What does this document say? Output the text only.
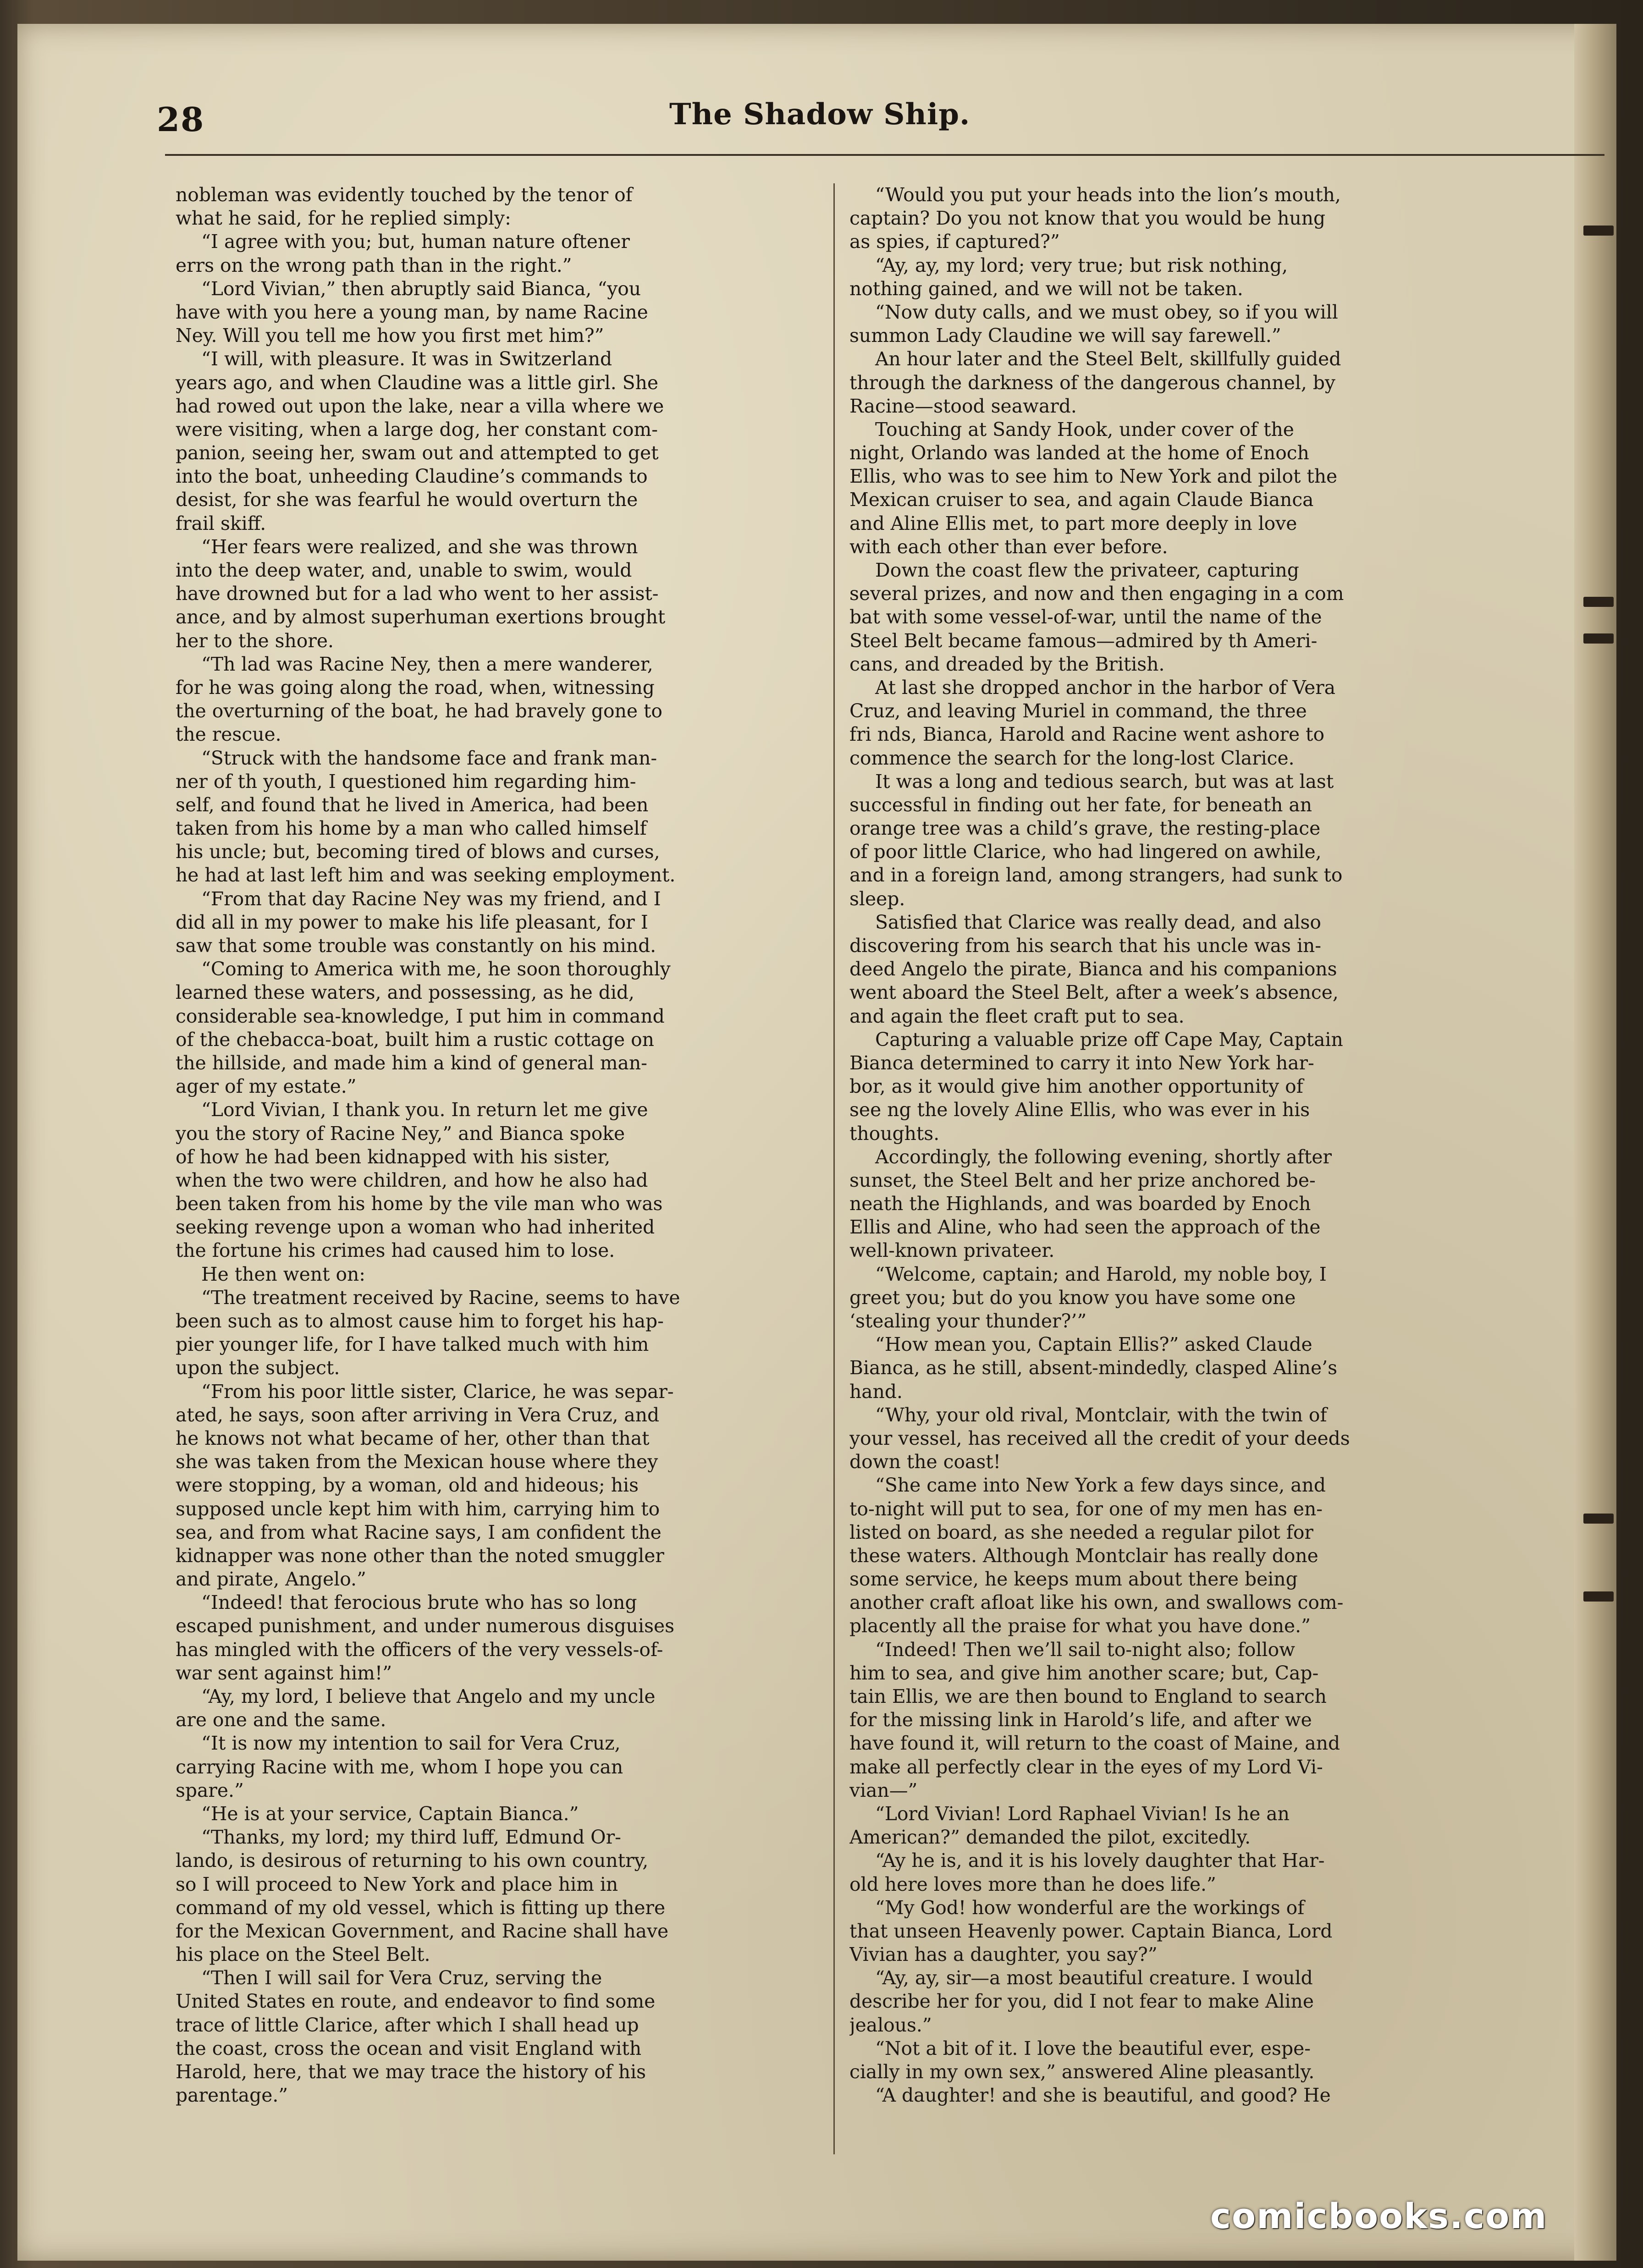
28	The Shadow Ship.
nobleman was evidently touched by the tenor of
what he said, for he replied simply:
“I agree with you; but, human nature oftener
errs on the wrong path than in the right.”
“Lord Vivian,” then abruptly said Bianca, “you
have with you here a young man, by name Racine
Ney. Will you tell me how you first met him?”
“I will, with pleasure. It was in Switzerland
years ago, and when Claudine was a little girl. She
had rowed out upon the lake, near a villa where we
were visiting, when a large dog, her constant com-
panion, seeing her, swam out and attempted to get
into the boat, unheeding Claudine’s commands to
desist, for she was fearful he would overturn the
frail skiff.
“Her fears were realized, and she was thrown
into the deep water, and, unable to swim, would
have drowned but for a lad who went to her assist-
ance, and by almost superhuman exertions brought
her to the shore.
“Th lad was Racine Ney, then a mere wanderer,
for he was going along the road, when, witnessing
the overturning of the boat, he had bravely gone to
the rescue.
“Struck with the handsome face and frank man-
ner of th youth, I questioned him regarding him-
self, and found that he lived in America, had been
taken from his home by a man who called himself
his uncle; but, becoming tired of blows and curses,
he had at last left him and was seeking employment.
“From that day Racine Ney was my friend, and I
did all in my power to make his life pleasant, for I
saw that some trouble was constantly on his mind.
“Coming to America with me, he soon thoroughly
learned these waters, and possessing, as he did,
considerable sea-knowledge, I put him in command
of the chebacca-boat, built him a rustic cottage on
the hillside, and made him a kind of general man-
ager of my estate.”
“Lord Vivian, I thank you. In return let me give
you the story of Racine Ney,” and Bianca spoke
of how he had been kidnapped with his sister,
when the two were children, and how he also had
been taken from his home by the vile man who was
seeking revenge upon a woman who had inherited
the fortune his crimes had caused him to lose.
He then went on:
“The treatment received by Racine, seems to have
been such as to almost cause him to forget his hap-
pier younger life, for I have talked much with him
upon the subject.
“From his poor little sister, Clarice, he was separ-
ated, he says, soon after arriving in Vera Cruz, and
he knows not what became of her, other than that
she was taken from the Mexican house where they
were stopping, by a woman, old and hideous; his
supposed uncle kept him with him, carrying him to
sea, and from what Racine says, I am confident the
kidnapper was none other than the noted smuggler
and pirate, Angelo.”
“Indeed! that ferocious brute who has so long
escaped punishment, and under numerous disguises
has mingled with the officers of the very vessels-of-
war sent against him!”
“Ay, my lord, I believe that Angelo and my uncle
are one and the same.
“It is now my intention to sail for Vera Cruz,
carrying Racine with me, whom I hope you can
spare.”
“He is at your service, Captain Bianca.”
“Thanks, my lord; my third luff, Edmund Or-
lando, is desirous of returning to his own country,
so I will proceed to New York and place him in
command of my old vessel, which is fitting up there
for the Mexican Government, and Racine shall have
his place on the Steel Belt.
“Then I will sail for Vera Cruz, serving the
United States en route, and endeavor to find some
trace of little Clarice, after which I shall head up
the coast, cross the ocean and visit England with
Harold, here, that we may trace the history of his
parentage.”
“Would you put your heads into the lion’s mouth,
captain? Do you not know that you would be hung
as spies, if captured?”
“Ay, ay, my lord; very true; but risk nothing,
nothing gained, and we will not be taken.
“Now duty calls, and we must obey, so if you will
summon Lady Claudine we will say farewell.”
An hour later and the Steel Belt, skillfully guided
through the darkness of the dangerous channel, by
Racine—stood seaward.
Touching at Sandy Hook, under cover of the
night, Orlando was landed at the home of Enoch
Ellis, who was to see him to New York and pilot the
Mexican cruiser to sea, and again Claude Bianca
and Aline Ellis met, to part more deeply in love
with each other than ever before.
Down the coast flew the privateer, capturing
several prizes, and now and then engaging in a com
bat with some vessel-of-war, until the name of the
Steel Belt became famous—admired by th Ameri-
cans, and dreaded by the British.
At last she dropped anchor in the harbor of Vera
Cruz, and leaving Muriel in command, the three
fri nds, Bianca, Harold and Racine went ashore to
commence the search for the long-lost Clarice.
It was a long and tedious search, but was at last
successful in finding out her fate, for beneath an
orange tree was a child’s grave, the resting-place
of poor little Clarice, who had lingered on awhile,
and in a foreign land, among strangers, had sunk to
sleep.
Satisfied that Clarice was really dead, and also
discovering from his search that his uncle was in-
deed Angelo the pirate, Bianca and his companions
went aboard the Steel Belt, after a week’s absence,
and again the fleet craft put to sea.
Capturing a valuable prize off Cape May, Captain
Bianca determined to carry it into New York har-
bor, as it would give him another opportunity of
see ng the lovely Aline Ellis, who was ever in his
thoughts.
Accordingly, the following evening, shortly after
sunset, the Steel Belt and her prize anchored be-
neath the Highlands, and was boarded by Enoch
Ellis and Aline, who had seen the approach of the
well-known privateer.
“Welcome, captain; and Harold, my noble boy, I
greet you; but do you know you have some one
‘stealing your thunder?’”
“How mean you, Captain Ellis?” asked Claude
Bianca, as he still, absent-mindedly, clasped Aline’s
hand.
“Why, your old rival, Montclair, with the twin of
your vessel, has received all the credit of your deeds
down the coast!
“She came into New York a few days since, and
to-night will put to sea, for one of my men has en-
listed on board, as she needed a regular pilot for
these waters. Although Montclair has really done
some service, he keeps mum about there being
another craft afloat like his own, and swallows com-
placently all the praise for what you have done.”
“Indeed! Then we’ll sail to-night also; follow
him to sea, and give him another scare; but, Cap-
tain Ellis, we are then bound to England to search
for the missing link in Harold’s life, and after we
have found it, will return to the coast of Maine, and
make all perfectly clear in the eyes of my Lord Vi-
vian—”
“Lord Vivian! Lord Raphael Vivian! Is he an
American?” demanded the pilot, excitedly.
“Ay he is, and it is his lovely daughter that Har-
old here loves more than he does life.”
“My God! how wonderful are the workings of
that unseen Heavenly power. Captain Bianca, Lord
Vivian has a daughter, you say?”
“Ay, ay, sir—a most beautiful creature. I would
describe her for you, did I not fear to make Aline
jealous.”
“Not a bit of it. I love the beautiful ever, espe-
cially in my own sex,” answered Aline pleasantly.
“A daughter! and she is beautiful, and good? He
comicbooks.com
